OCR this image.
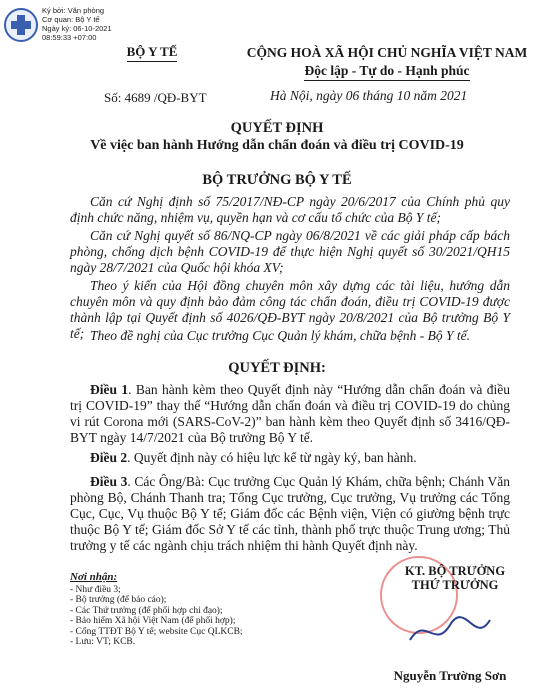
Ký bởi: Văn phòng
Cơ quan: Bộ Y tế
Ngày ký: 06-10-2021
08:59:33 +07:00
BỘ Y TẾ	CỘNG HOÀ XÃ HỘI CHỦ NGHĨA VIỆT NAM
Độc lập - Tự do - Hạnh phúc
Số: 4689 /QĐ-BYT	Hà Nội, ngày 06 tháng 10 năm 2021
QUYẾT ĐỊNH
Về việc ban hành Hướng dẫn chẩn đoán và điều trị COVID-19
BỘ TRƯỞNG BỘ Y TẾ
Căn cứ Nghị định số 75/2017/NĐ-CP ngày 20/6/2017 của Chính phủ quy định chức năng, nhiệm vụ, quyền hạn và cơ cấu tổ chức của Bộ Y tế;
Căn cứ Nghị quyết số 86/NQ-CP ngày 06/8/2021 về các giải pháp cấp bách phòng, chống dịch bệnh COVID-19 để thực hiện Nghị quyết số 30/2021/QH15 ngày 28/7/2021 của Quốc hội khóa XV;
Theo ý kiến của Hội đồng chuyên môn xây dựng các tài liệu, hướng dẫn chuyên môn và quy định bảo đảm công tác chẩn đoán, điều trị COVID-19 được thành lập tại Quyết định số 4026/QĐ-BYT ngày 20/8/2021 của Bộ trưởng Bộ Y tế; Theo đề nghị của Cục trưởng Cục Quản lý khám, chữa bệnh - Bộ Y tế.
QUYẾT ĐỊNH:
Điều 1. Ban hành kèm theo Quyết định này “Hướng dẫn chẩn đoán và điều trị COVID-19” thay thế “Hướng dẫn chẩn đoán và điều trị COVID-19 do chủng vi rút Corona mới (SARS-CoV-2)” ban hành kèm theo Quyết định số 3416/QĐ-BYT ngày 14/7/2021 của Bộ trưởng Bộ Y tế.
Điều 2. Quyết định này có hiệu lực kể từ ngày ký, ban hành.
Điều 3. Các Ông/Bà: Cục trưởng Cục Quản lý Khám, chữa bệnh; Chánh Văn phòng Bộ, Chánh Thanh tra; Tổng Cục trưởng, Cục trưởng, Vụ trưởng các Tổng Cục, Cục, Vụ thuộc Bộ Y tế; Giám đốc các Bệnh viện, Viện có giường bệnh trực thuộc Bộ Y tế; Giám đốc Sở Y tế các tỉnh, thành phố trực thuộc Trung ương; Thủ trưởng y tế các ngành chịu trách nhiệm thi hành Quyết định này.
Nơi nhận:
- Như điều 3;
- Bộ trưởng (để báo cáo);
- Các Thứ trưởng (để phối hợp chỉ đạo);
- Bảo hiểm Xã hội Việt Nam (để phối hợp);
- Cổng TTĐT Bộ Y tế; website Cục QLKCB;
- Lưu: VT; KCB.
KT. BỘ TRƯỞNG
THỨ TRƯỞNG
Nguyễn Trường Sơn
